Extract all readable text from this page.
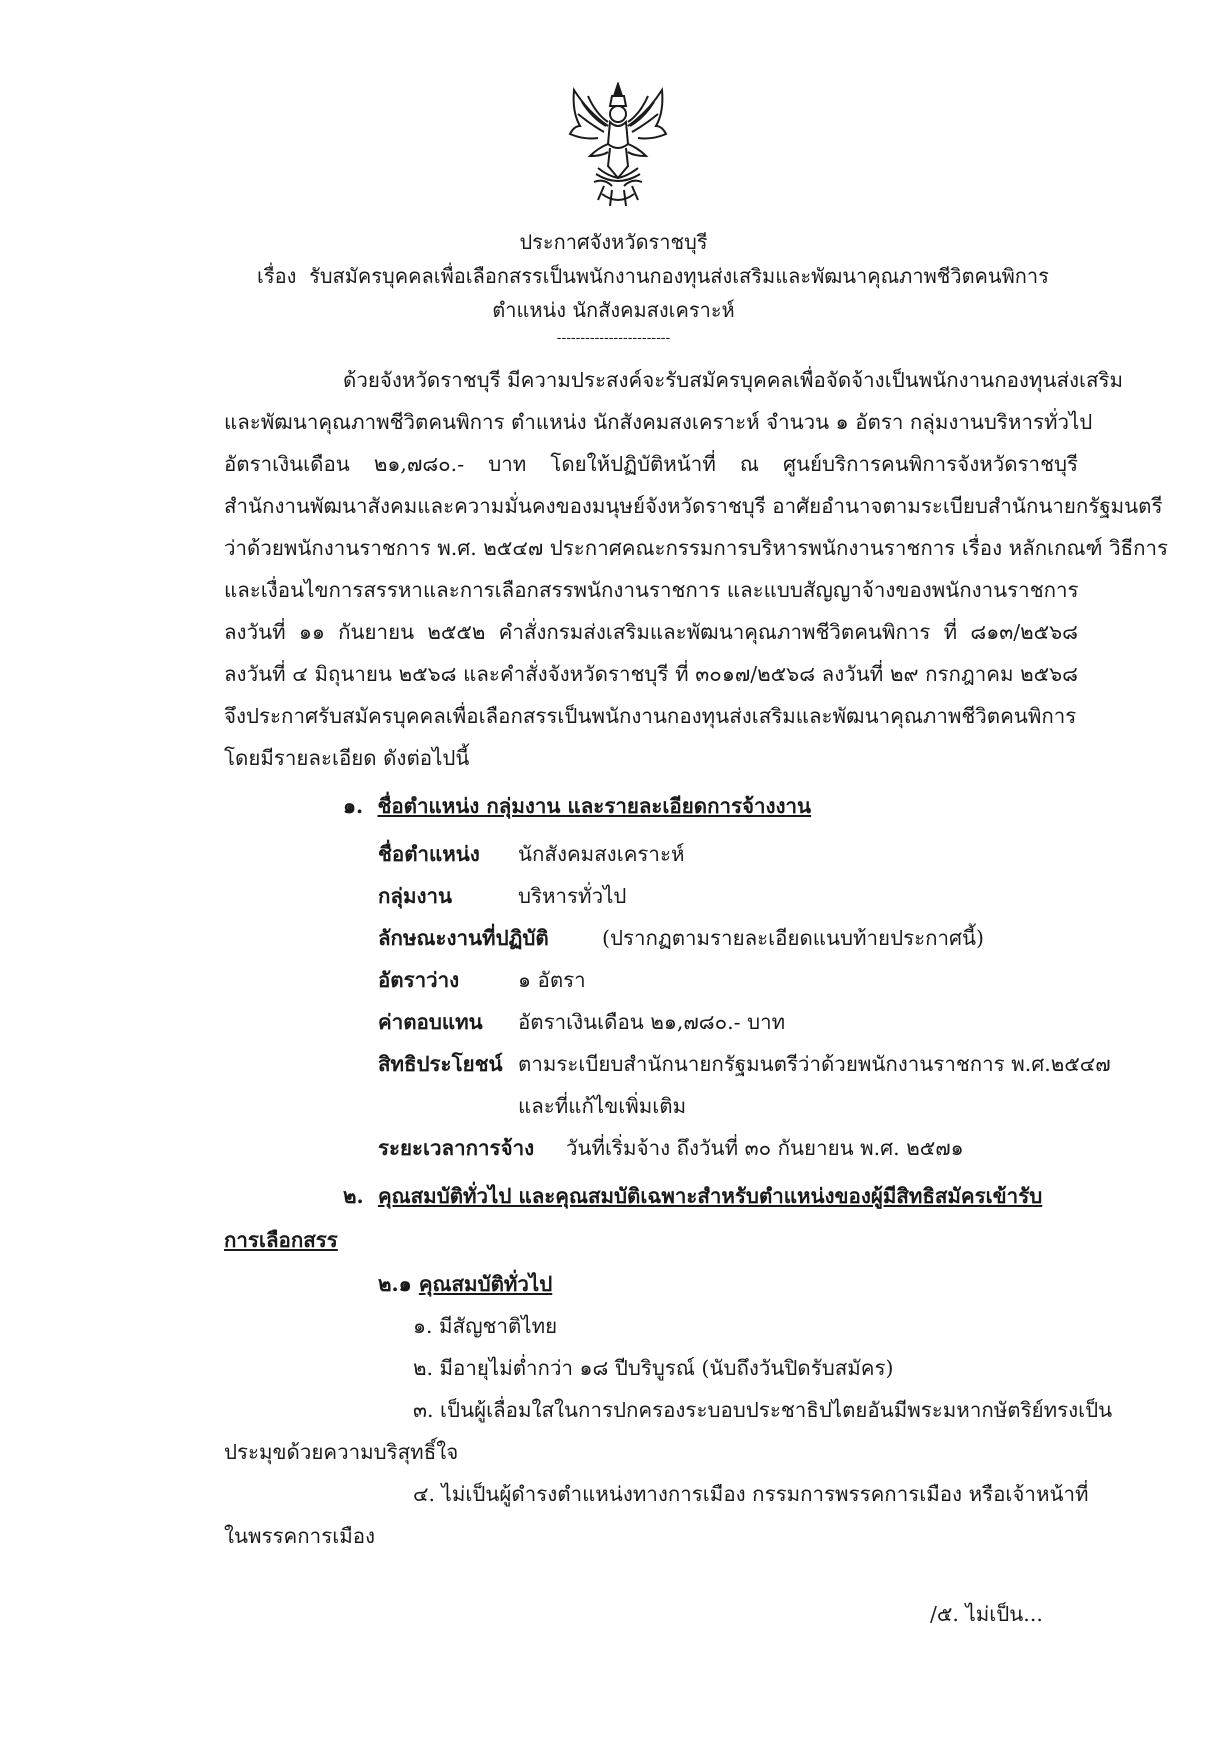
ประกาศจังหวัดราชบุรี
เรื่อง รับสมัครบุคคลเพื่อเลือกสรรเป็นพนักงานกองทุนส่งเสริมและพัฒนาคุณภาพชีวิตคนพิการ
ตำแหน่ง นักสังคมสงเคราะห์
------------------------
ด้วยจังหวัดราชบุรี มีความประสงค์จะรับสมัครบุคคลเพื่อจัดจ้างเป็นพนักงานกองทุนส่งเสริม
และพัฒนาคุณภาพชีวิตคนพิการ ตำแหน่ง นักสังคมสงเคราะห์ จำนวน ๑ อัตรา กลุ่มงานบริหารทั่วไป
อัตราเงินเดือน ๒๑,๗๘๐.- บาท โดยให้ปฏิบัติหน้าที่ ณ ศูนย์บริการคนพิการจังหวัดราชบุรี
สำนักงานพัฒนาสังคมและความมั่นคงของมนุษย์จังหวัดราชบุรี อาศัยอำนาจตามระเบียบสำนักนายกรัฐมนตรี
ว่าด้วยพนักงานราชการ พ.ศ. ๒๕๔๗ ประกาศคณะกรรมการบริหารพนักงานราชการ เรื่อง หลักเกณฑ์ วิธีการ
และเงื่อนไขการสรรหาและการเลือกสรรพนักงานราชการ และแบบสัญญาจ้างของพนักงานราชการ
ลงวันที่ ๑๑ กันยายน ๒๕๕๒ คำสั่งกรมส่งเสริมและพัฒนาคุณภาพชีวิตคนพิการ ที่ ๘๑๓/๒๕๖๘
ลงวันที่ ๔ มิถุนายน ๒๕๖๘ และคำสั่งจังหวัดราชบุรี ที่ ๓๐๑๗/๒๕๖๘ ลงวันที่ ๒๙ กรกฎาคม ๒๕๖๘
จึงประกาศรับสมัครบุคคลเพื่อเลือกสรรเป็นพนักงานกองทุนส่งเสริมและพัฒนาคุณภาพชีวิตคนพิการ
โดยมีรายละเอียด ดังต่อไปนี้
๑. ชื่อตำแหน่ง กลุ่มงาน และรายละเอียดการจ้างงาน
ชื่อตำแหน่ง นักสังคมสงเคราะห์
กลุ่มงาน	บริหารทั่วไป
ลักษณะงานที่ปฏิบัติ	(ปรากฏตามรายละเอียดแนบท้ายประกาศนี้)
อัตราว่าง	๑ อัตรา
ค่าตอบแทน อัตราเงินเดือน ๒๑,๗๘๐.- บาท
สิทธิประโยชน์ ตามระเบียบสำนักนายกรัฐมนตรีว่าด้วยพนักงานราชการ พ.ศ.๒๕๔๗
และที่แก้ไขเพิ่มเติม
ระยะเวลาการจ้าง วันที่เริ่มจ้าง ถึงวันที่ ๓๐ กันยายน พ.ศ. ๒๕๗๑
๒. คุณสมบัติทั่วไป และคุณสมบัติเฉพาะสำหรับตำแหน่งของผู้มีสิทธิสมัครเข้ารับ
การเลือกสรร
๒.๑ คุณสมบัติทั่วไป
๑. มีสัญชาติไทย
๒. มีอายุไม่ต่ำกว่า ๑๘ ปีบริบูรณ์ (นับถึงวันปิดรับสมัคร)
๓. เป็นผู้เลื่อมใสในการปกครองระบอบประชาธิปไตยอันมีพระมหากษัตริย์ทรงเป็น
ประมุขด้วยความบริสุทธิ์ใจ
๔. ไม่เป็นผู้ดำรงตำแหน่งทางการเมือง กรรมการพรรคการเมือง หรือเจ้าหน้าที่
ในพรรคการเมือง
/๕. ไม่เป็น...
